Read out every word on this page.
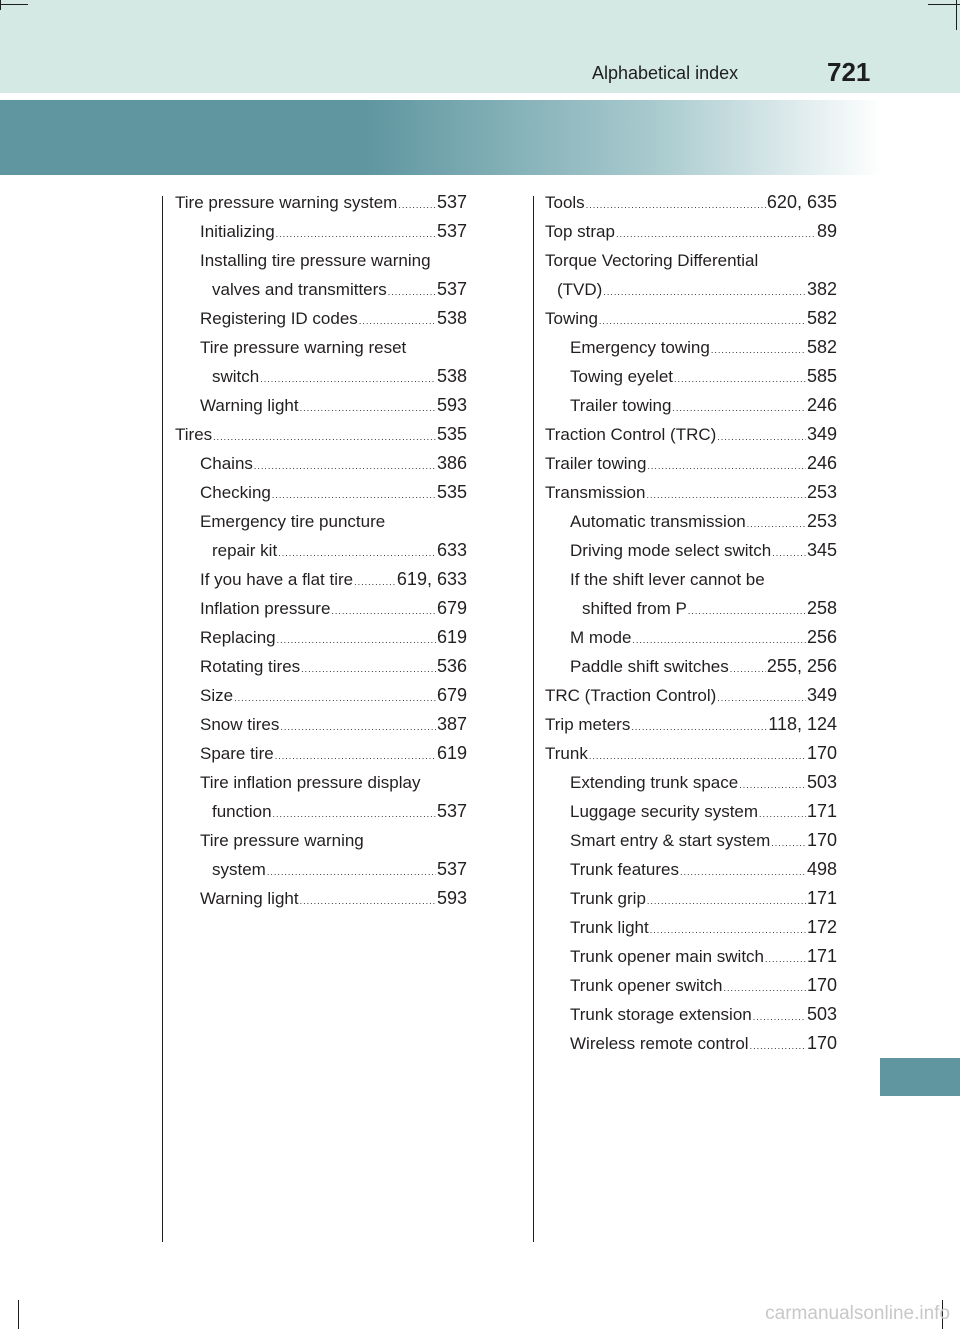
Alphabetical index	721
Tire pressure warning system ..... 537
Initializing .....	537
Installing tire pressure warning
valves and transmitters .....	537
Registering ID codes .....	538
Tire pressure warning reset
switch .....	538
Warning light .....	593
Tires .....	535
Chains .....	386
Checking .....	535
Emergency tire puncture
repair kit .....	633
If you have a flat tire ..... 619, 633
Inflation pressure .....	679
Replacing .....	619
Rotating tires .....	536
Size .....	679
Snow tires .....	387
Spare tire .....	619
Tire inflation pressure display
function .....	537
Tire pressure warning
system .....	537
Warning light .....	593
Tools .....	620, 635
Top strap .....	89
Torque Vectoring Differential
(TVD) .....	382
Towing .....	582
Emergency towing .....	582
Towing eyelet .....	585
Trailer towing .....	246
Traction Control (TRC) .....	349
Trailer towing .....	246
Transmission .....	253
Automatic transmission .....	253
Driving mode select switch ..... 345
If the shift lever cannot be
shifted from P .....	258
M mode .....	256
Paddle shift switches ..... 255, 256
TRC (Traction Control) .....	349
Trip meters .....	118, 124
Trunk .....	170
Extending trunk space .....	503
Luggage security system .....	171
Smart entry & start system ..... 170
Trunk features .....	498
Trunk grip .....	171
Trunk light .....	172
Trunk opener main switch ..... 171
Trunk opener switch .....	170
Trunk storage extension .....	503
Wireless remote control .....	170
carmanualsonline.info
